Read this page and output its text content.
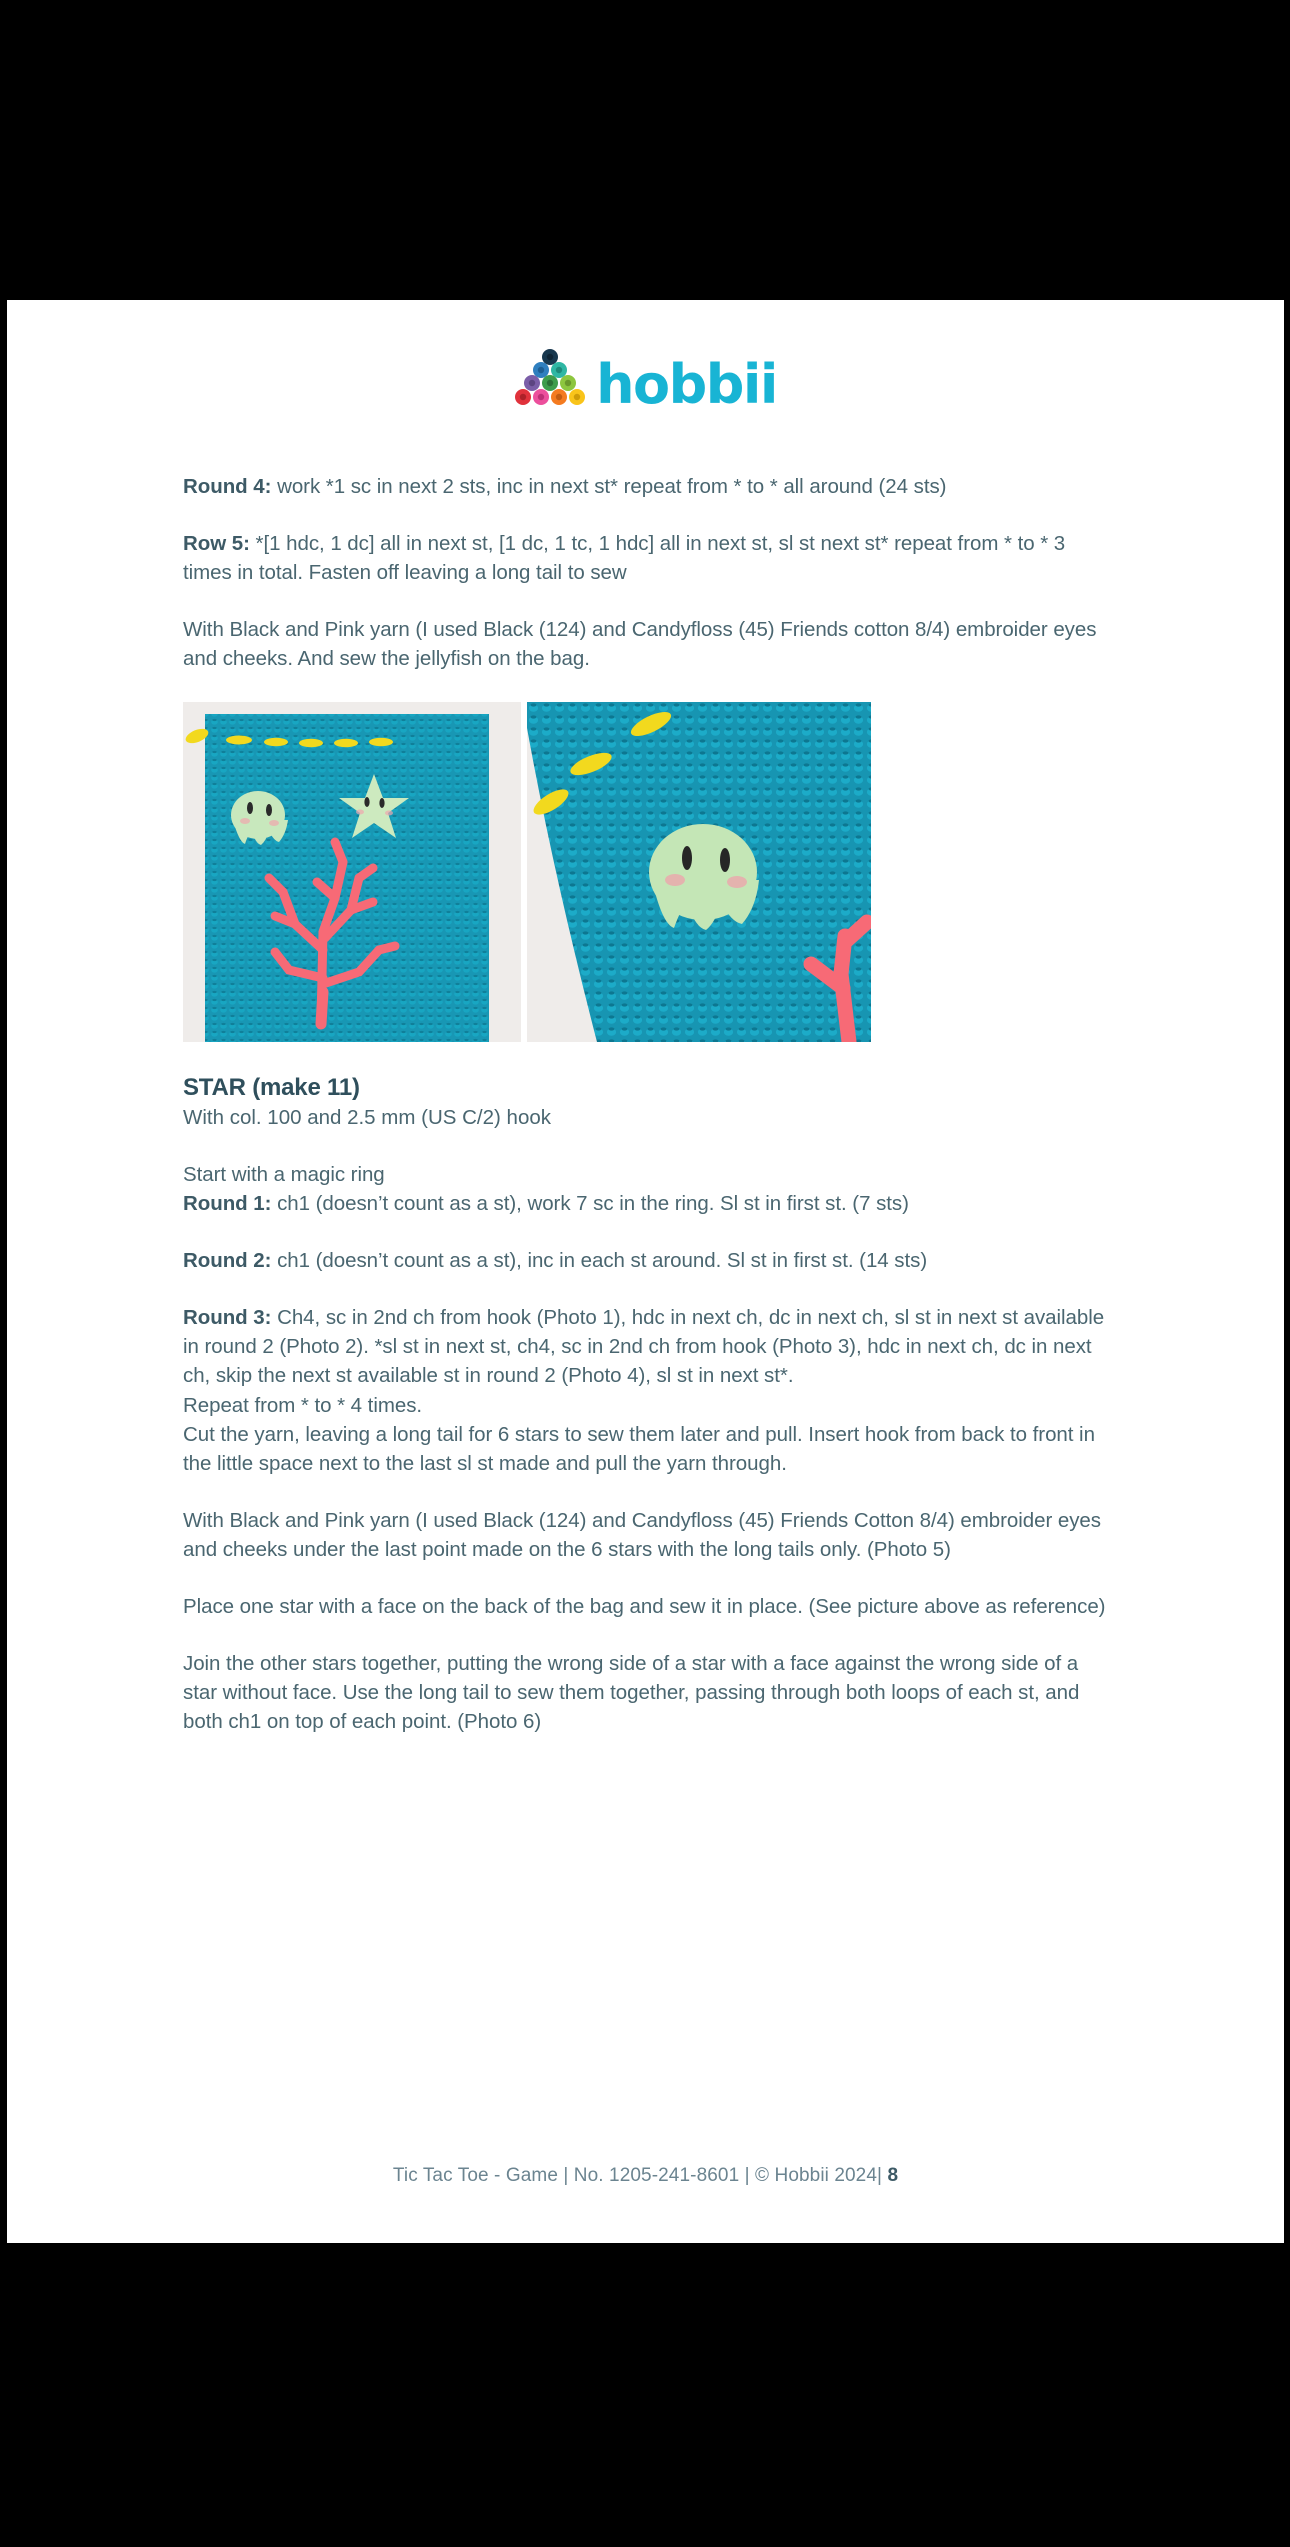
hobbii

Round 4: work *1 sc in next 2 sts, inc in next st* repeat from * to * all around (24 sts)

Row 5: *[1 hdc, 1 dc] all in next st, [1 dc, 1 tc, 1 hdc] all in next st, sl st next st* repeat from * to * 3 times in total. Fasten off leaving a long tail to sew

With Black and Pink yarn (I used Black (124) and Candyfloss (45) Friends cotton 8/4) embroider eyes and cheeks. And sew the jellyfish on the bag.

STAR (make 11)

With col. 100 and 2.5 mm (US C/2) hook

Start with a magic ring

Round 1: ch1 (doesn’t count as a st), work 7 sc in the ring. Sl st in first st. (7 sts)

Round 2: ch1 (doesn’t count as a st), inc in each st around. Sl st in first st. (14 sts)

Round 3: Ch4, sc in 2nd ch from hook (Photo 1), hdc in next ch, dc in next ch, sl st in next st available in round 2 (Photo 2). *sl st in next st, ch4, sc in 2nd ch from hook (Photo 3), hdc in next ch, dc in next ch, skip the next st available st in round 2 (Photo 4), sl st in next st*.

Repeat from * to * 4 times.

Cut the yarn, leaving a long tail for 6 stars to sew them later and pull. Insert hook from back to front in the little space next to the last sl st made and pull the yarn through.

With Black and Pink yarn (I used Black (124) and Candyfloss (45) Friends Cotton 8/4) embroider eyes and cheeks under the last point made on the 6 stars with the long tails only. (Photo 5)

Place one star with a face on the back of the bag and sew it in place. (See picture above as reference)

Join the other stars together, putting the wrong side of a star with a face against the wrong side of a star without face. Use the long tail to sew them together, passing through both loops of each st, and both ch1 on top of each point. (Photo 6)

Tic Tac Toe - Game | No. 1205-241-8601 | © Hobbii 2024| 8
